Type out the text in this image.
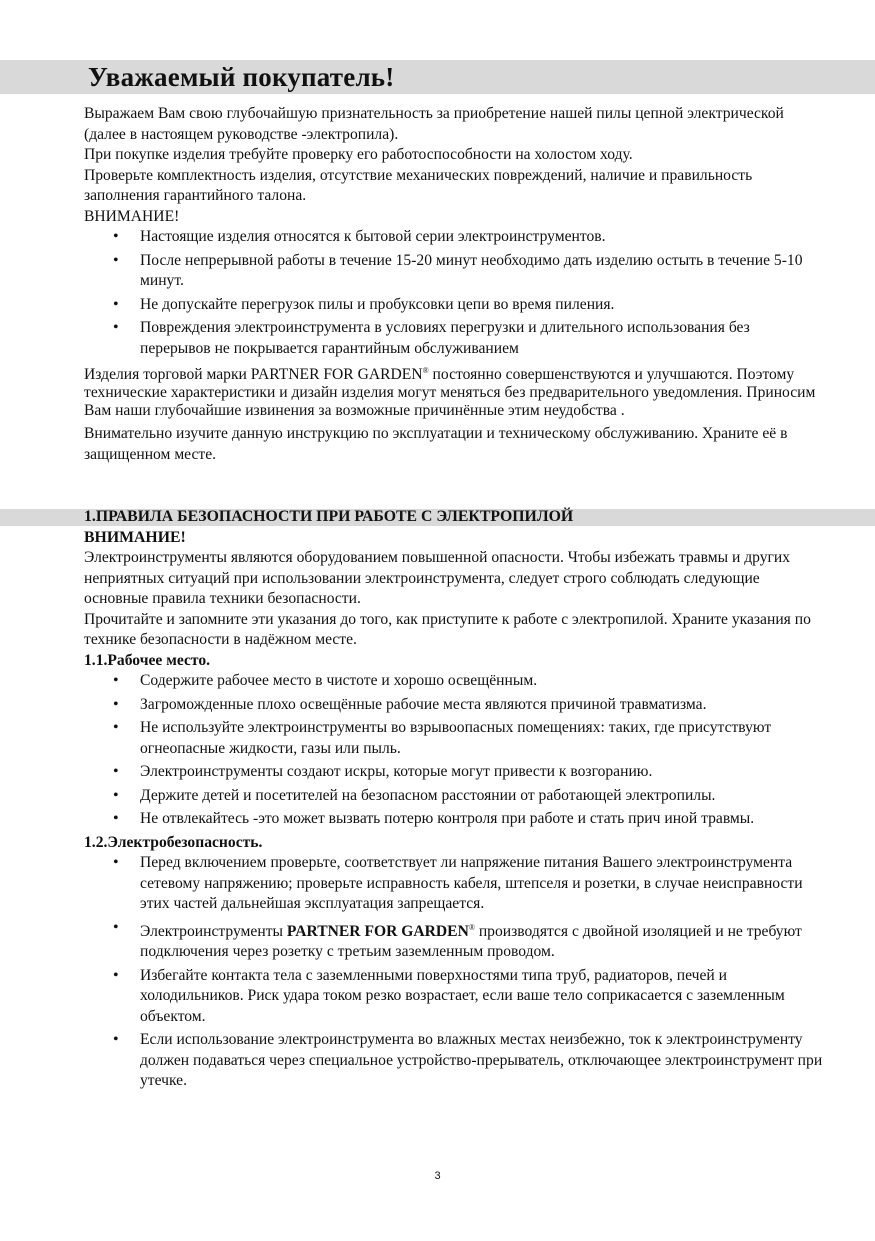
Уважаемый покупатель!

Выражаем Вам свою глубочайшую признательность за приобретение нашей пилы цепной электрической (далее в настоящем руководстве -электропила).

При покупке изделия требуйте проверку его работоспособности на холостом ходу.

Проверьте комплектность изделия, отсутствие механических повреждений, наличие и правильность заполнения гарантийного талона.

ВНИМАНИЕ!

• Настоящие изделия относятся к бытовой серии электроинструментов.
• После непрерывной работы в течение 15-20 минут необходимо дать изделию остыть в течение 5-10 минут.
• Не допускайте перегрузок пилы и пробуксовки цепи во время пиления.
• Повреждения электроинструмента в условиях перегрузки и длительного использования без перерывов не покрывается гарантийным обслуживанием

Изделия торговой марки PARTNER FOR GARDEN® постоянно совершенствуются и улучшаются. Поэтому технические характеристики и дизайн изделия могут меняться без предварительного уведомления. Приносим Вам наши глубочайшие извинения за возможные причинённые этим неудобства .

Внимательно изучите данную инструкцию по эксплуатации и техническому обслуживанию. Храните её в защищенном месте.

1.ПРАВИЛА БЕЗОПАСНОСТИ ПРИ РАБОТЕ С ЭЛЕКТРОПИЛОЙ

ВНИМАНИЕ!

Электроинструменты являются оборудованием повышенной опасности. Чтобы избежать травмы и других неприятных ситуаций при использовании электроинструмента, следует строго соблюдать следующие основные правила техники безопасности.

Прочитайте и запомните эти указания до того, как приступите к работе с электропилой. Храните указания по технике безопасности в надёжном месте.

1.1.Рабочее место.

• Содержите рабочее место в чистоте и хорошо освещённым.
• Загроможденные плохо освещённые рабочие места являются причиной травматизма.
• Не используйте электроинструменты во взрывоопасных помещениях: таких, где присутствуют огнеопасные жидкости, газы или пыль.
• Электроинструменты создают искры, которые могут привести к возгоранию.
• Держите детей и посетителей на безопасном расстоянии от работающей электропилы.
• Не отвлекайтесь -это может вызвать потерю контроля при работе и стать прич иной травмы.

1.2.Электробезопасность.

• Перед включением проверьте, соответствует ли напряжение питания Вашего электроинструмента сетевому напряжению; проверьте исправность кабеля, штепселя и розетки, в случае неисправности этих частей дальнейшая эксплуатация запрещается.
• Электроинструменты PARTNER FOR GARDEN® производятся с двойной изоляцией и не требуют подключения через розетку с третьим заземленным проводом.
• Избегайте контакта тела с заземленными поверхностями типа труб, радиаторов, печей и холодильников. Риск удара током резко возрастает, если ваше тело соприкасается с заземленным объектом.
• Если использование электроинструмента во влажных местах неизбежно, ток к электроинструменту должен подаваться через специальное устройство-прерыватель, отключающее электроинструмент при утечке.
3
